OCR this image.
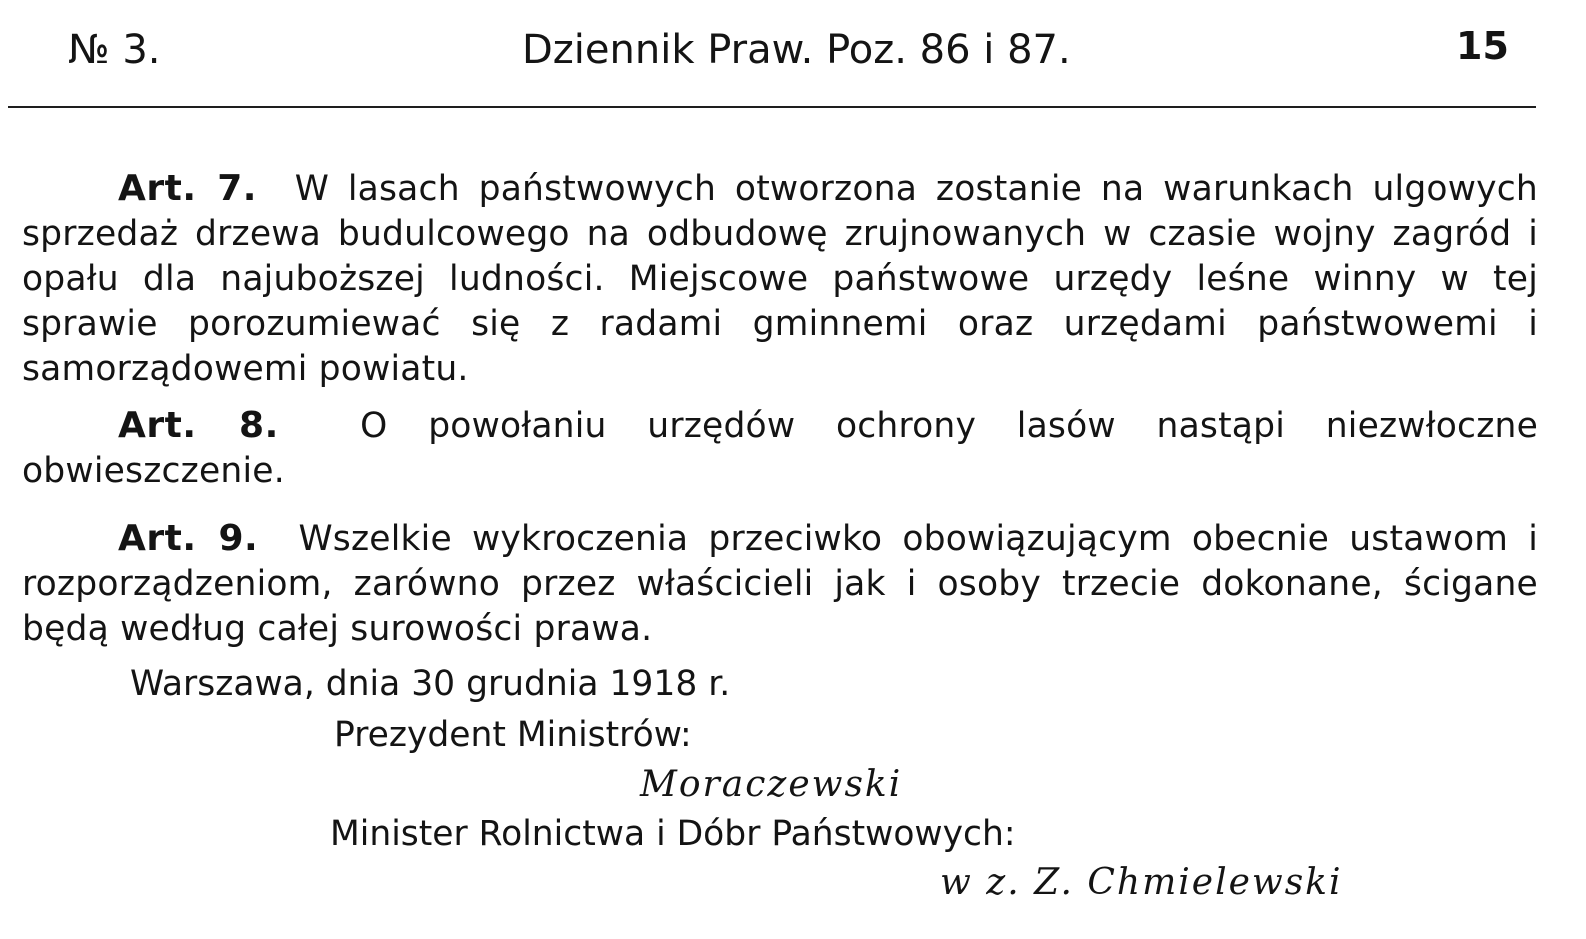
№ 3.	Dziennik Praw. Poz. 86 i 87.	15

Art. 7. W lasach państwowych otworzona zostanie na warunkach ulgowych sprzedaż drzewa budulcowego na odbudowę zrujnowanych w czasie wojny zagród i opału dla najuboższej ludności. Miejscowe państwowe urzędy leśne winny w tej sprawie porozumiewać się z radami gminnemi oraz urzędami państwowemi i samorządowemi powiatu.

Art. 8. O powołaniu urzędów ochrony lasów nastąpi niezwłoczne obwieszczenie.

Art. 9. Wszelkie wykroczenia przeciwko obowiązującym obecnie ustawom i rozporządzeniom, zarówno przez właścicieli jak i osoby trzecie dokonane, ścigane będą według całej surowości prawa.

Warszawa, dnia 30 grudnia 1918 r.
Prezydent Ministrów:
Moraczewski
Minister Rolnictwa i Dóbr Państwowych:
w z. Z. Chmielewski
